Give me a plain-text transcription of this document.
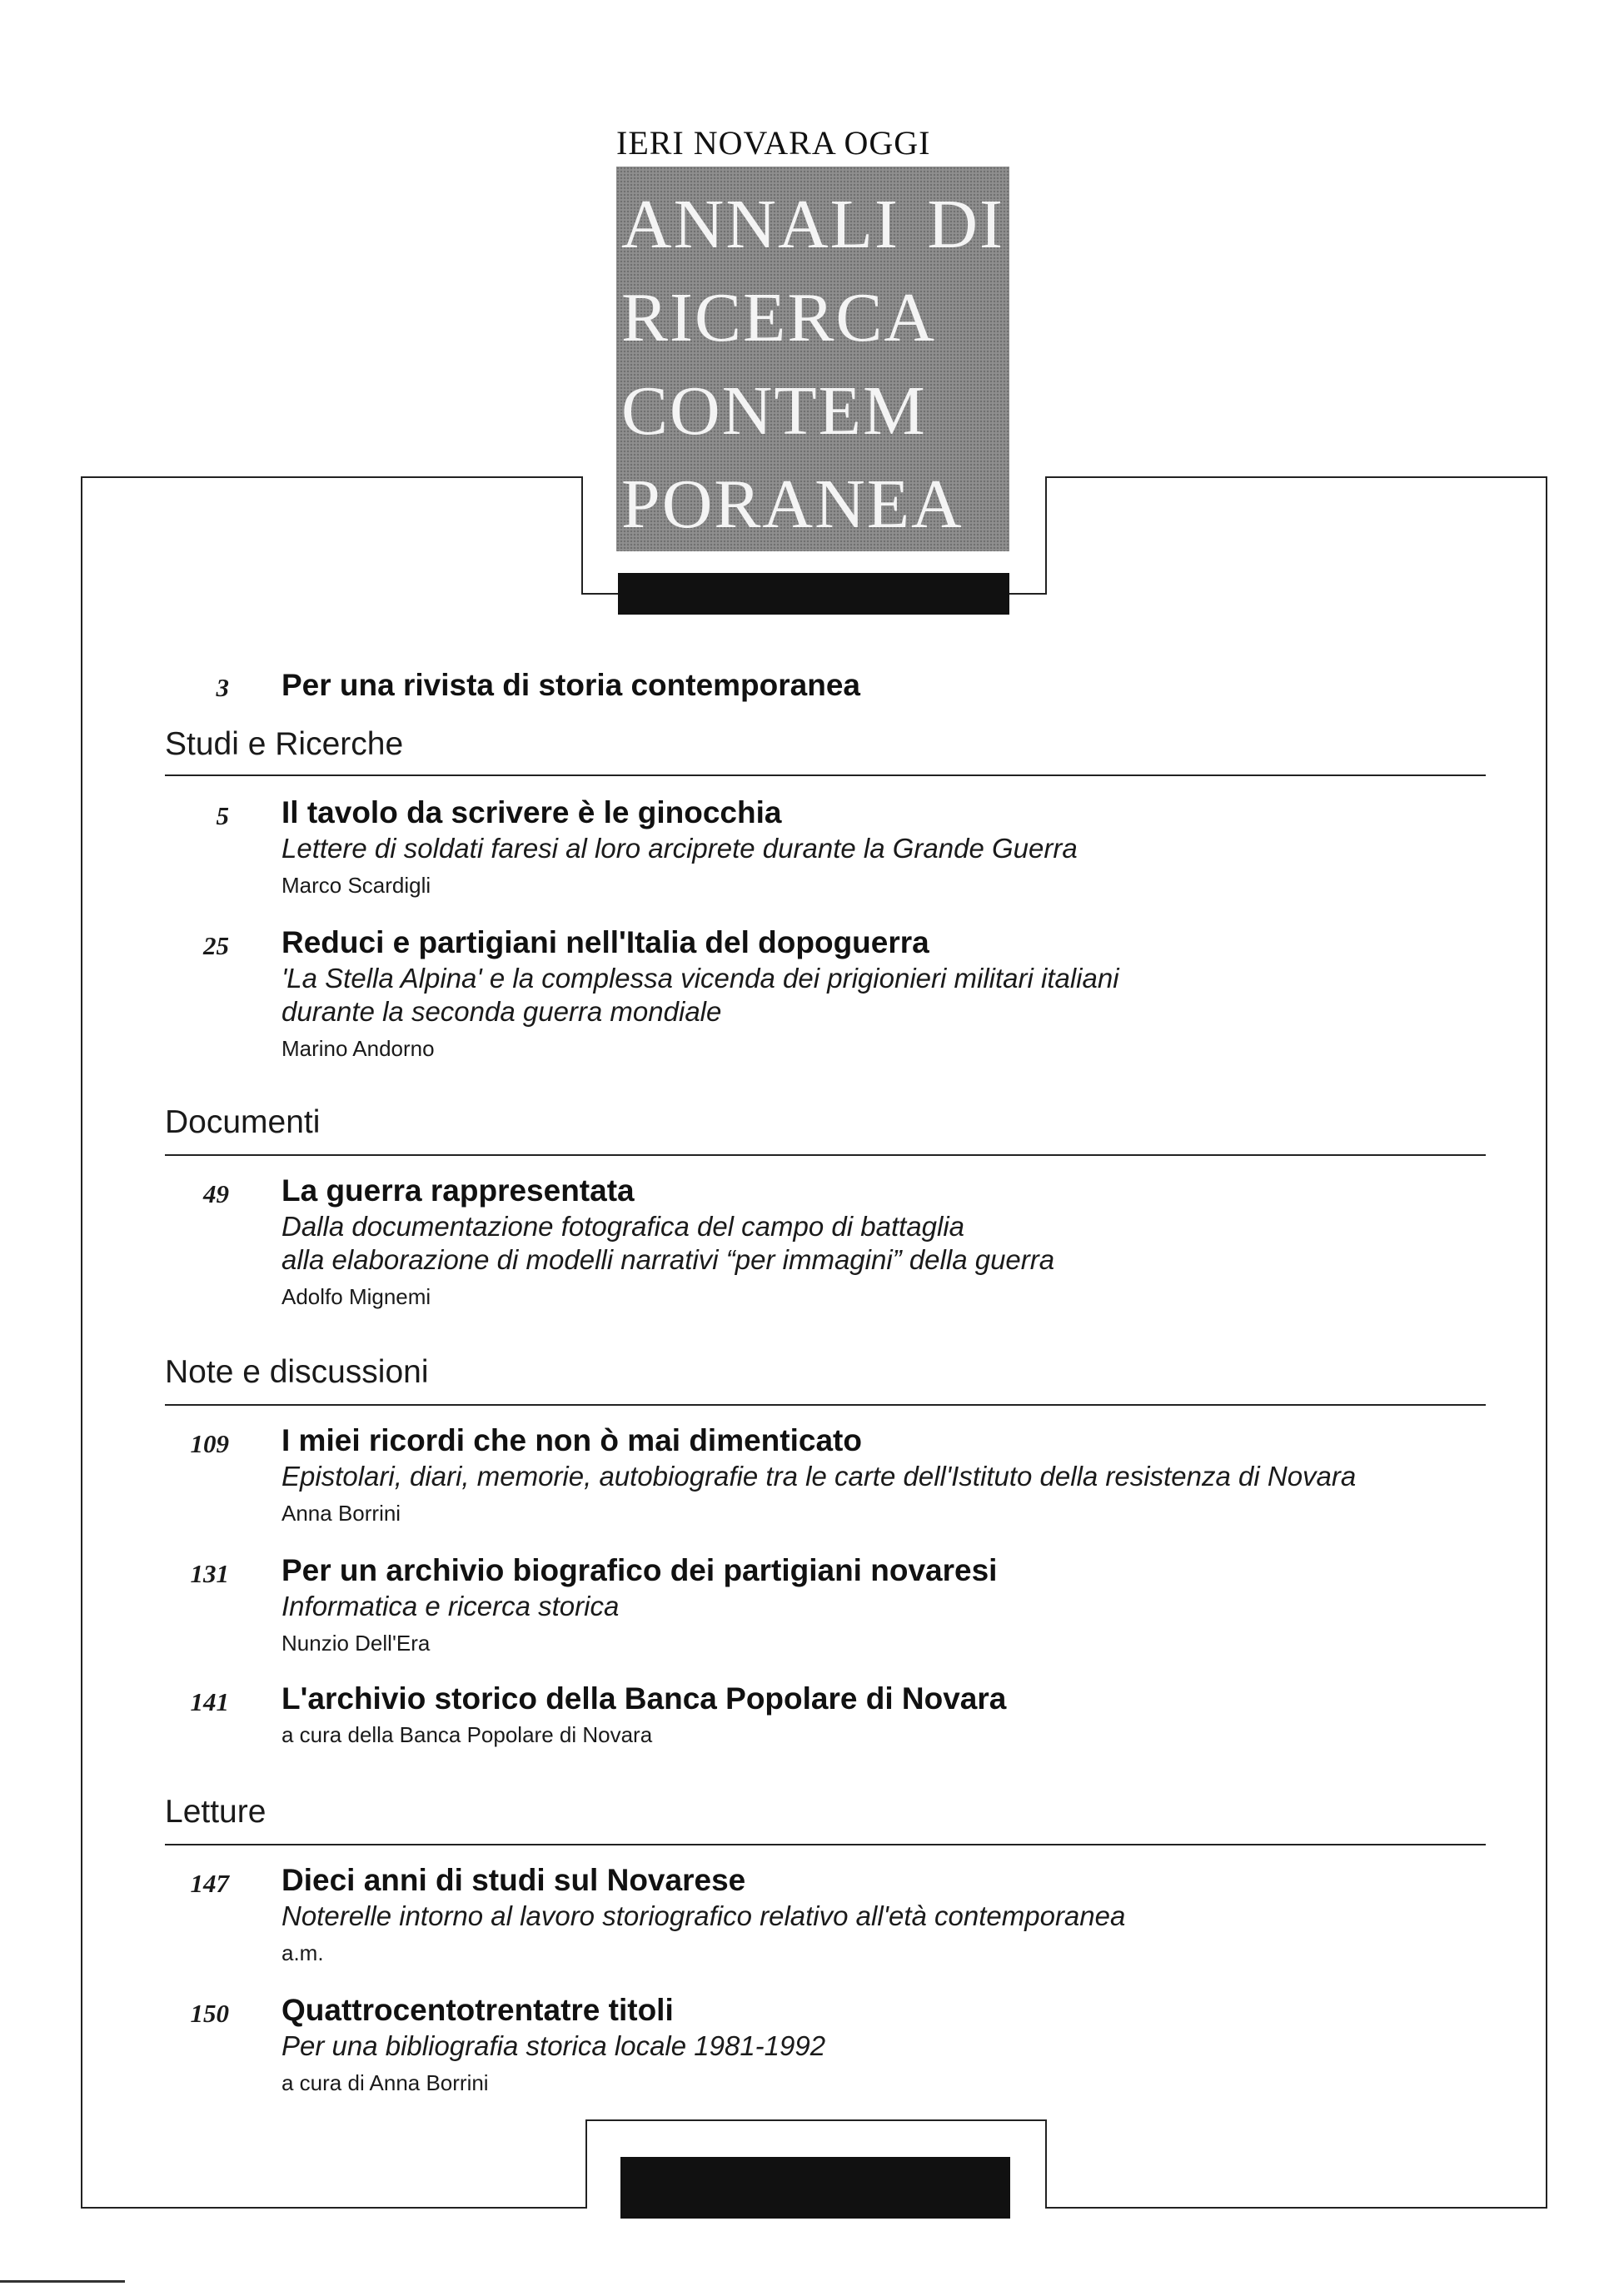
IERI NOVARA OGGI
ANNALI DI
RICERCA
CONTEM
PORANEA
3 Per una rivista di storia contemporanea
Studi e Ricerche
5 Il tavolo da scrivere è le ginocchia
Lettere di soldati faresi al loro arciprete durante la Grande Guerra
Marco Scardigli
25 Reduci e partigiani nell'Italia del dopoguerra
'La Stella Alpina' e la complessa vicenda dei prigionieri militari italiani
durante la seconda guerra mondiale
Marino Andorno
Documenti
49 La guerra rappresentata
Dalla documentazione fotografica del campo di battaglia
alla elaborazione di modelli narrativi “per immagini” della guerra
Adolfo Mignemi
Note e discussioni
109 I miei ricordi che non ò mai dimenticato
Epistolari, diari, memorie, autobiografie tra le carte dell'Istituto della resistenza di Novara
Anna Borrini
131 Per un archivio biografico dei partigiani novaresi
Informatica e ricerca storica
Nunzio Dell'Era
141 L'archivio storico della Banca Popolare di Novara
a cura della Banca Popolare di Novara
Letture
147 Dieci anni di studi sul Novarese
Noterelle intorno al lavoro storiografico relativo all'età contemporanea
a.m.
150 Quattrocentotrentatre titoli
Per una bibliografia storica locale 1981-1992
a cura di Anna Borrini
